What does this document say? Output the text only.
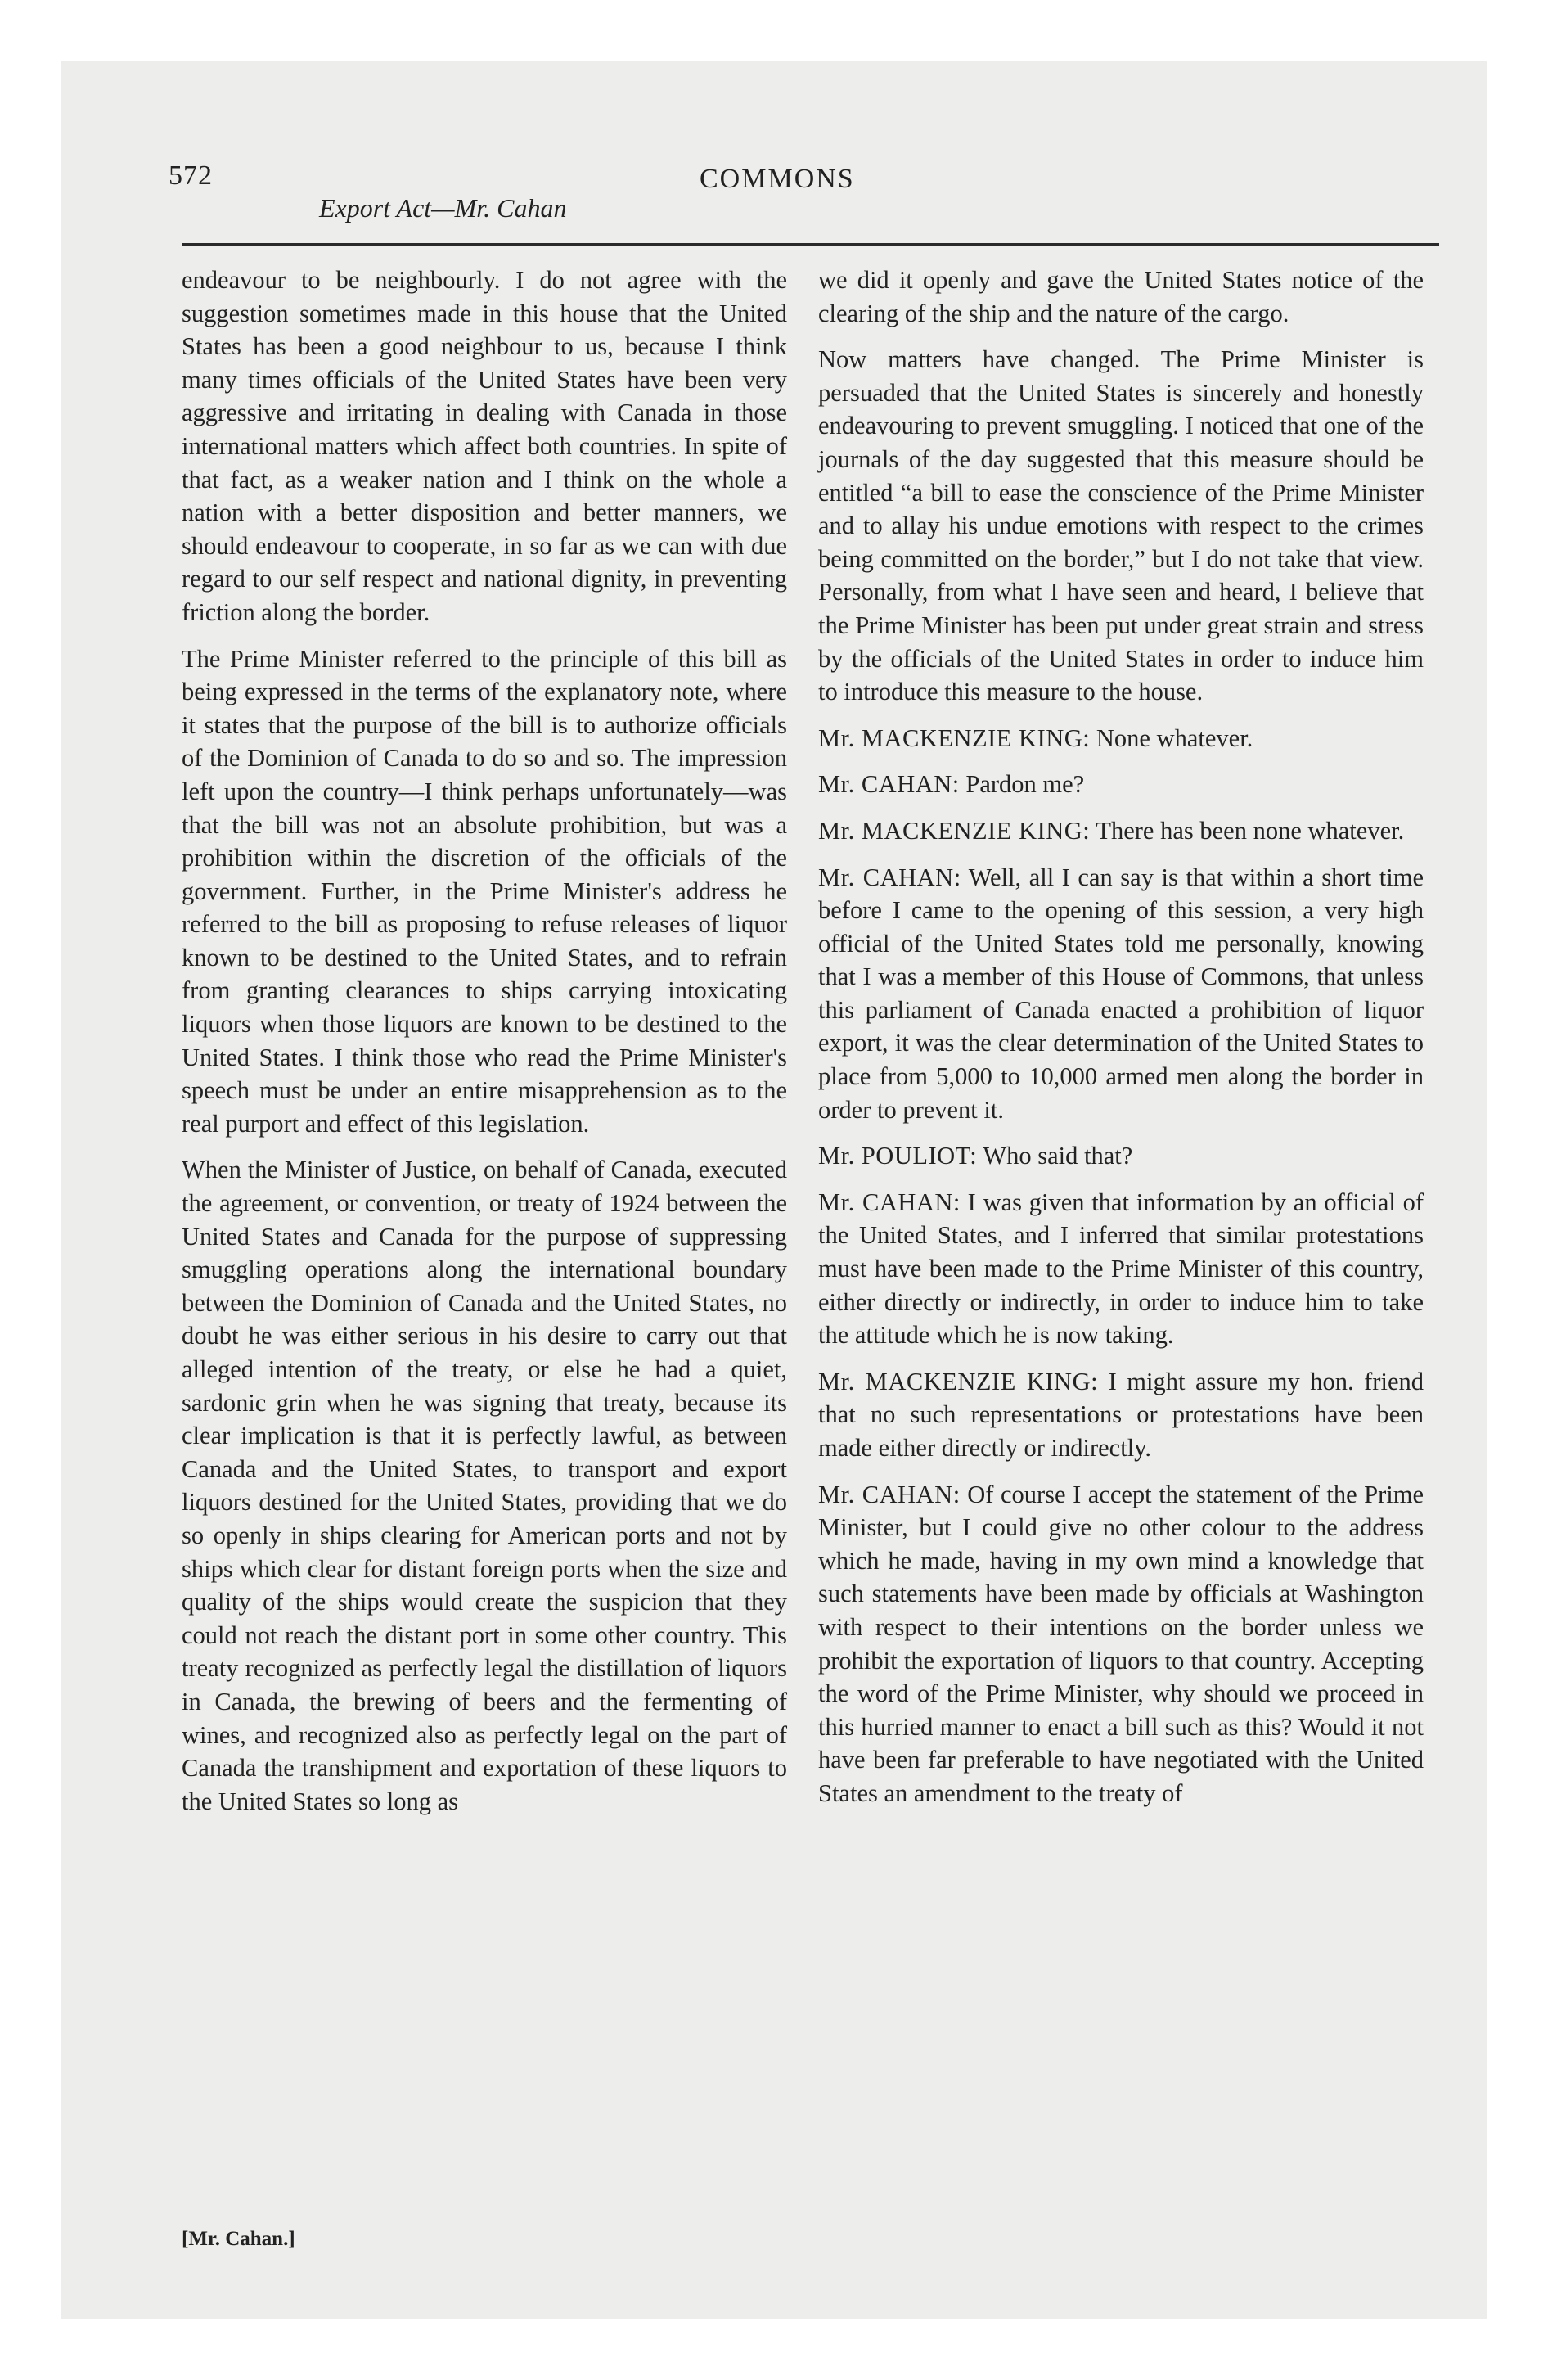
572	COMMONS
Export Act—Mr. Cahan

endeavour to be neighbourly. I do not agree with the suggestion sometimes made in this house that the United States has been a good neighbour to us, because I think many times officials of the United States have been very aggressive and irritating in dealing with Canada in those international matters which affect both countries. In spite of that fact, as a weaker nation and I think on the whole a nation with a better disposition and better manners, we should endeavour to cooperate, in so far as we can with due regard to our self respect and national dignity, in preventing friction along the border.

The Prime Minister referred to the principle of this bill as being expressed in the terms of the explanatory note, where it states that the purpose of the bill is to authorize officials of the Dominion of Canada to do so and so. The impression left upon the country—I think perhaps unfortunately—was that the bill was not an absolute prohibition, but was a prohibition within the discretion of the officials of the government. Further, in the Prime Minister's address he referred to the bill as proposing to refuse releases of liquor known to be destined to the United States, and to refrain from granting clearances to ships carrying intoxicating liquors when those liquors are known to be destined to the United States. I think those who read the Prime Minister's speech must be under an entire misapprehension as to the real purport and effect of this legislation.

When the Minister of Justice, on behalf of Canada, executed the agreement, or convention, or treaty of 1924 between the United States and Canada for the purpose of suppressing smuggling operations along the international boundary between the Dominion of Canada and the United States, no doubt he was either serious in his desire to carry out that alleged intention of the treaty, or else he had a quiet, sardonic grin when he was signing that treaty, because its clear implication is that it is perfectly lawful, as between Canada and the United States, to transport and export liquors destined for the United States, providing that we do so openly in ships clearing for American ports and not by ships which clear for distant foreign ports when the size and quality of the ships would create the suspicion that they could not reach the distant port in some other country. This treaty recognized as perfectly legal the distillation of liquors in Canada, the brewing of beers and the fermenting of wines, and recognized also as perfectly legal on the part of Canada the transhipment and exportation of these liquors to the United States so long as

we did it openly and gave the United States notice of the clearing of the ship and the nature of the cargo.

Now matters have changed. The Prime Minister is persuaded that the United States is sincerely and honestly endeavouring to prevent smuggling. I noticed that one of the journals of the day suggested that this measure should be entitled “a bill to ease the conscience of the Prime Minister and to allay his undue emotions with respect to the crimes being committed on the border,” but I do not take that view. Personally, from what I have seen and heard, I believe that the Prime Minister has been put under great strain and stress by the officials of the United States in order to induce him to introduce this measure to the house.

Mr. MACKENZIE KING: None whatever.

Mr. CAHAN: Pardon me?

Mr. MACKENZIE KING: There has been none whatever.

Mr. CAHAN: Well, all I can say is that within a short time before I came to the opening of this session, a very high official of the United States told me personally, knowing that I was a member of this House of Commons, that unless this parliament of Canada enacted a prohibition of liquor export, it was the clear determination of the United States to place from 5,000 to 10,000 armed men along the border in order to prevent it.

Mr. POULIOT: Who said that?

Mr. CAHAN: I was given that information by an official of the United States, and I inferred that similar protestations must have been made to the Prime Minister of this country, either directly or indirectly, in order to induce him to take the attitude which he is now taking.

Mr. MACKENZIE KING: I might assure my hon. friend that no such representations or protestations have been made either directly or indirectly.

Mr. CAHAN: Of course I accept the statement of the Prime Minister, but I could give no other colour to the address which he made, having in my own mind a knowledge that such statements have been made by officials at Washington with respect to their intentions on the border unless we prohibit the exportation of liquors to that country. Accepting the word of the Prime Minister, why should we proceed in this hurried manner to enact a bill such as this? Would it not have been far preferable to have negotiated with the United States an amendment to the treaty of

[Mr. Cahan.]
